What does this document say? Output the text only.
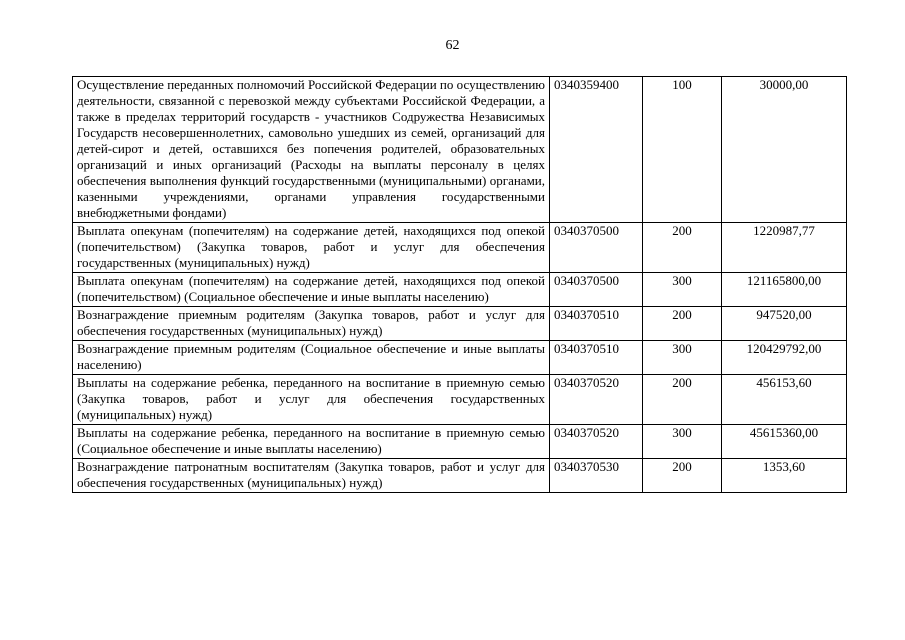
62
Осуществление переданных полномочий Российской Федерации по осуществлению деятельности, связанной с перевозкой между субъектами Российской Федерации, а также в пределах территорий государств - участников Содружества Независимых Государств несовершеннолетних, самовольно ушедших из семей, организаций для детей-сирот и детей, оставшихся без попечения родителей, образовательных организаций и иных организаций (Расходы на выплаты персоналу в целях обеспечения выполнения функций государственными (муниципальными) органами, казенными учреждениями, органами управления государственными внебюджетными фондами)	0340359400	100	30000,00
Выплата опекунам (попечителям) на содержание детей, находящихся под опекой (попечительством) (Закупка товаров, работ и услуг для обеспечения государственных (муниципальных) нужд)	0340370500	200	1220987,77
Выплата опекунам (попечителям) на содержание детей, находящихся под опекой (попечительством) (Социальное обеспечение и иные выплаты населению)	0340370500	300	121165800,00
Вознаграждение приемным родителям (Закупка товаров, работ и услуг для обеспечения государственных (муниципальных) нужд)	0340370510	200	947520,00
Вознаграждение приемным родителям (Социальное обеспечение и иные выплаты населению)	0340370510	300	120429792,00
Выплаты на содержание ребенка, переданного на воспитание в приемную семью (Закупка товаров, работ и услуг для обеспечения государственных (муниципальных) нужд)	0340370520	200	456153,60
Выплаты на содержание ребенка, переданного на воспитание в приемную семью (Социальное обеспечение и иные выплаты населению)	0340370520	300	45615360,00
Вознаграждение патронатным воспитателям (Закупка товаров, работ и услуг для обеспечения государственных (муниципальных) нужд)	0340370530	200	1353,60
